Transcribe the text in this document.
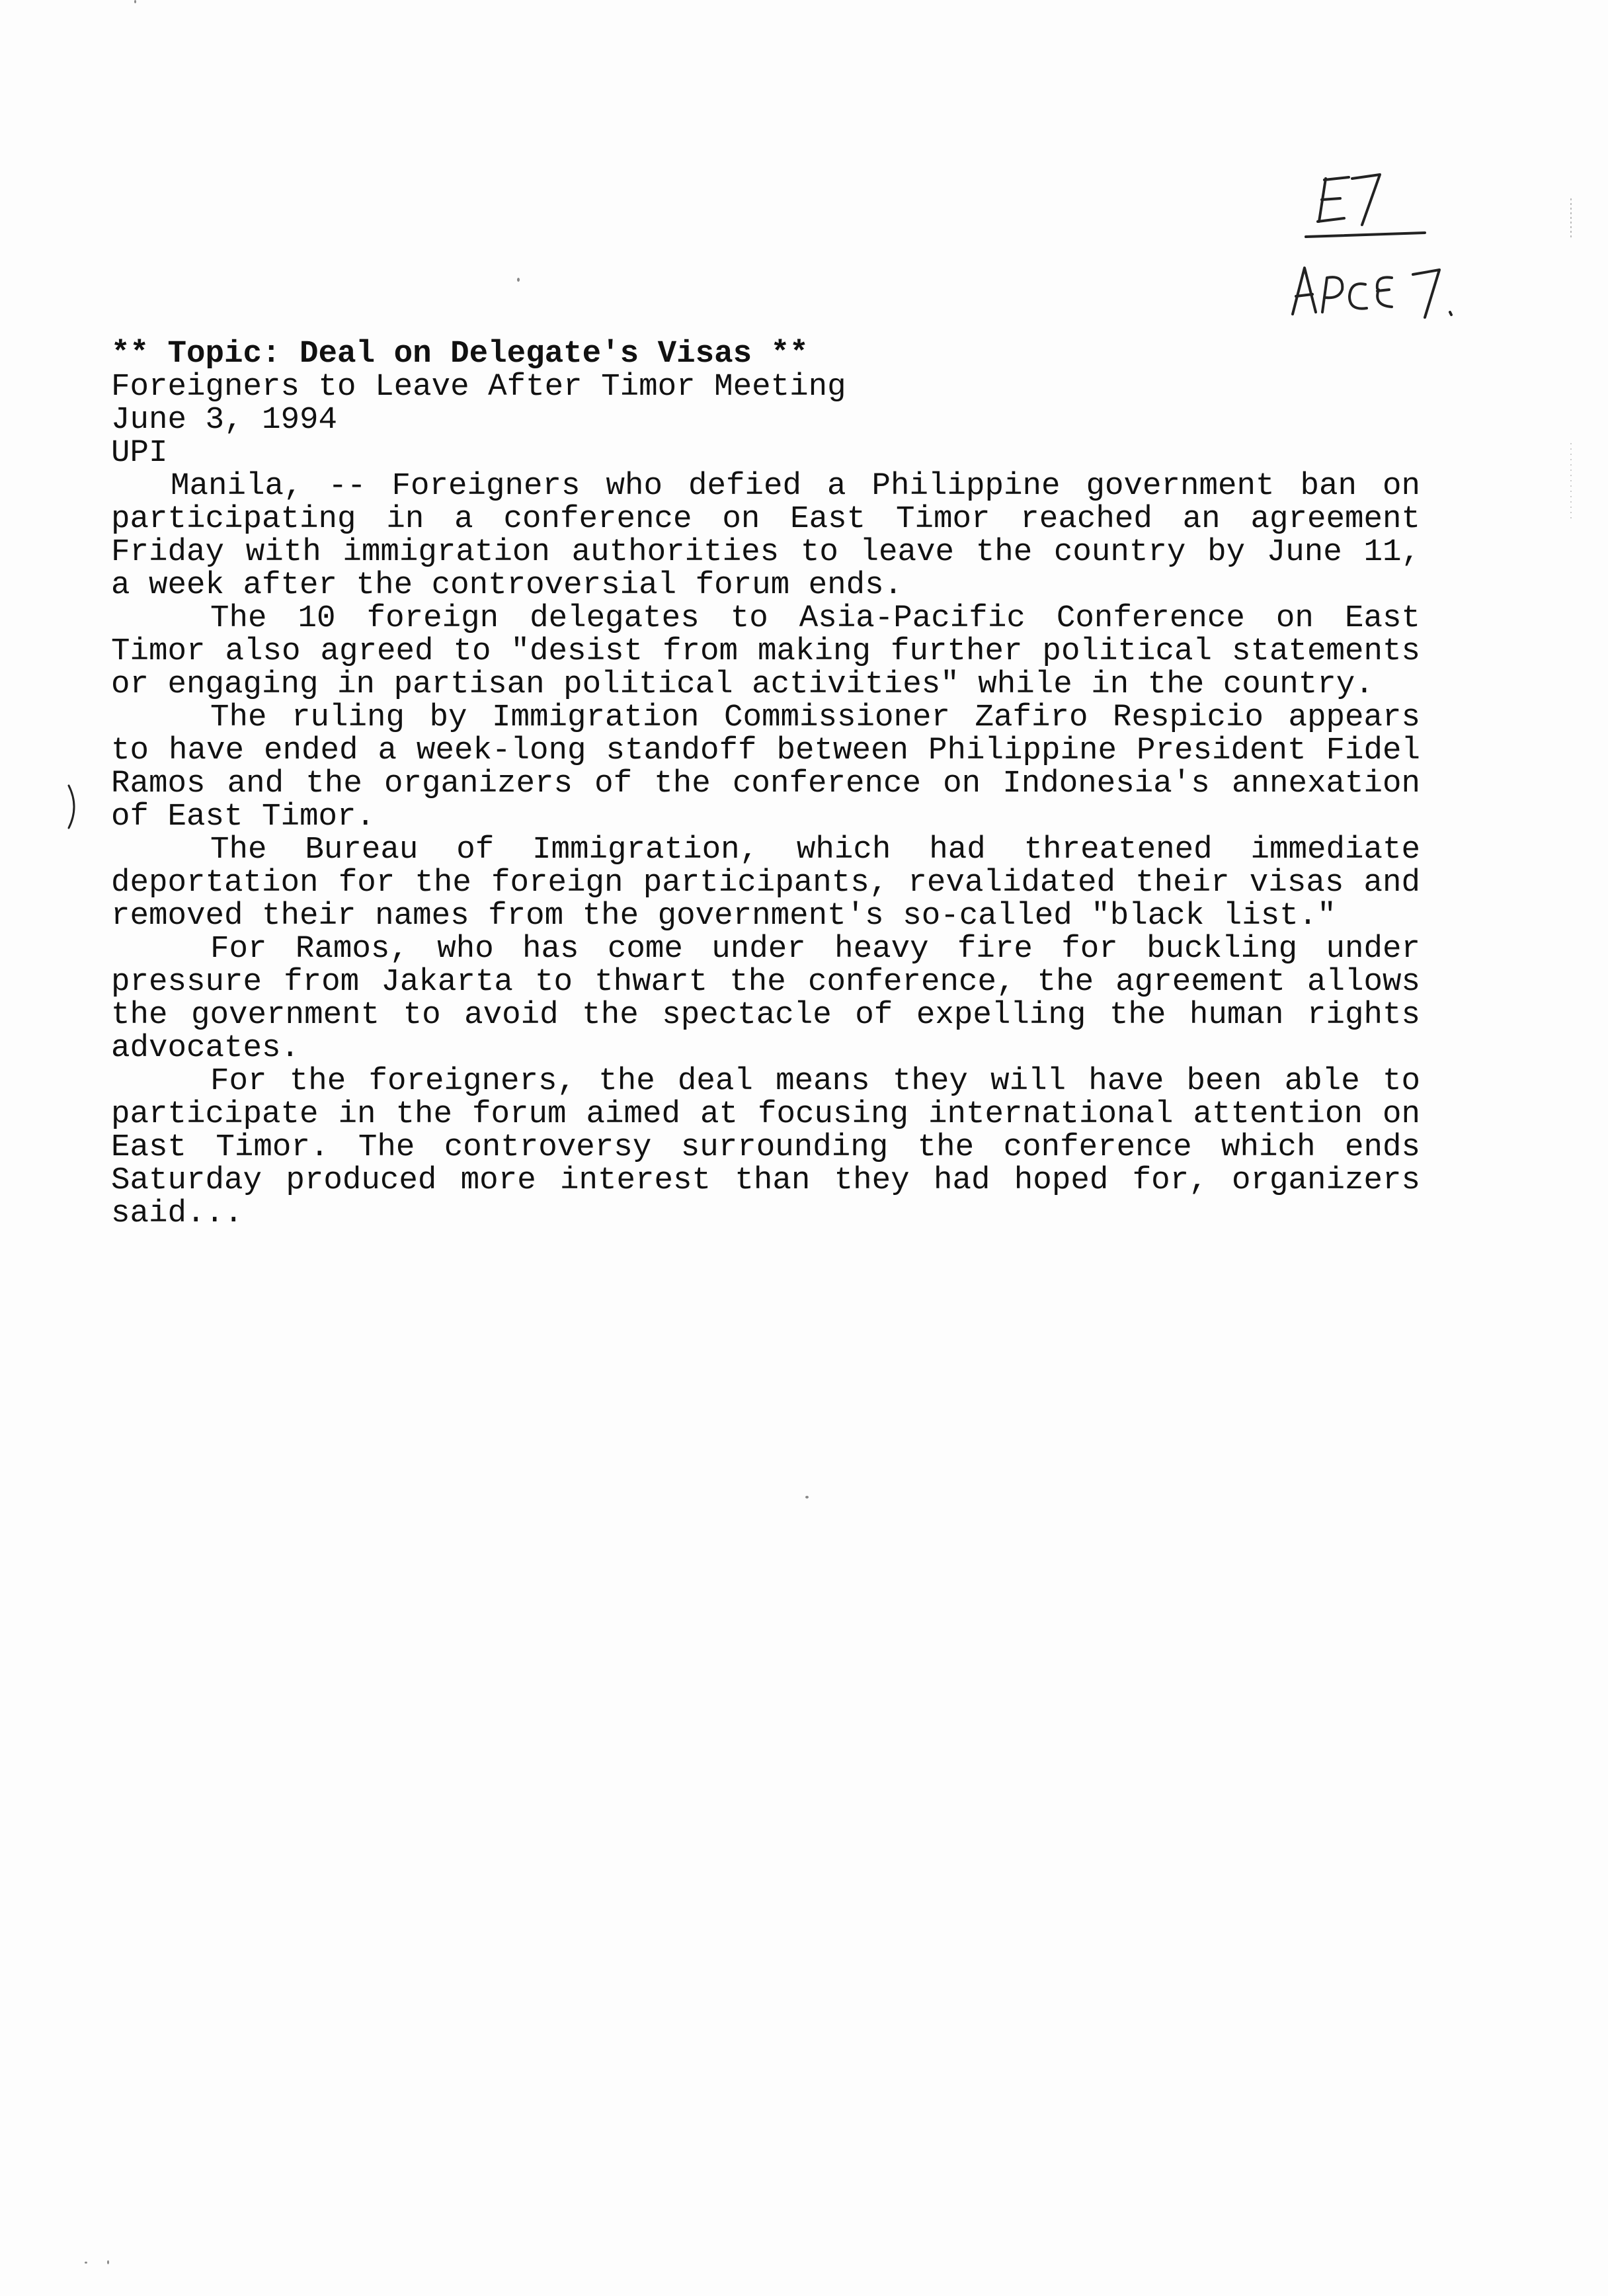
** Topic: Deal on Delegate's Visas **

Foreigners to Leave After Timor Meeting

June 3, 1994

UPI

Manila, -- Foreigners who defied a Philippine government ban on participating in a conference on East Timor reached an agreement Friday with immigration authorities to leave the country by June 11, a week after the controversial forum ends.

The 10 foreign delegates to Asia-Pacific Conference on East Timor also agreed to "desist from making further political statements or engaging in partisan political activities" while in the country.

The ruling by Immigration Commissioner Zafiro Respicio appears to have ended a week-long standoff between Philippine President Fidel Ramos and the organizers of the conference on Indonesia's annexation of East Timor.

The Bureau of Immigration, which had threatened immediate deportation for the foreign participants, revalidated their visas and removed their names from the government's so-called "black list."

For Ramos, who has come under heavy fire for buckling under pressure from Jakarta to thwart the conference, the agreement allows the government to avoid the spectacle of expelling the human rights advocates.

For the foreigners, the deal means they will have been able to participate in the forum aimed at focusing international attention on East Timor. The controversy surrounding the conference which ends Saturday produced more interest than they had hoped for, organizers said...
